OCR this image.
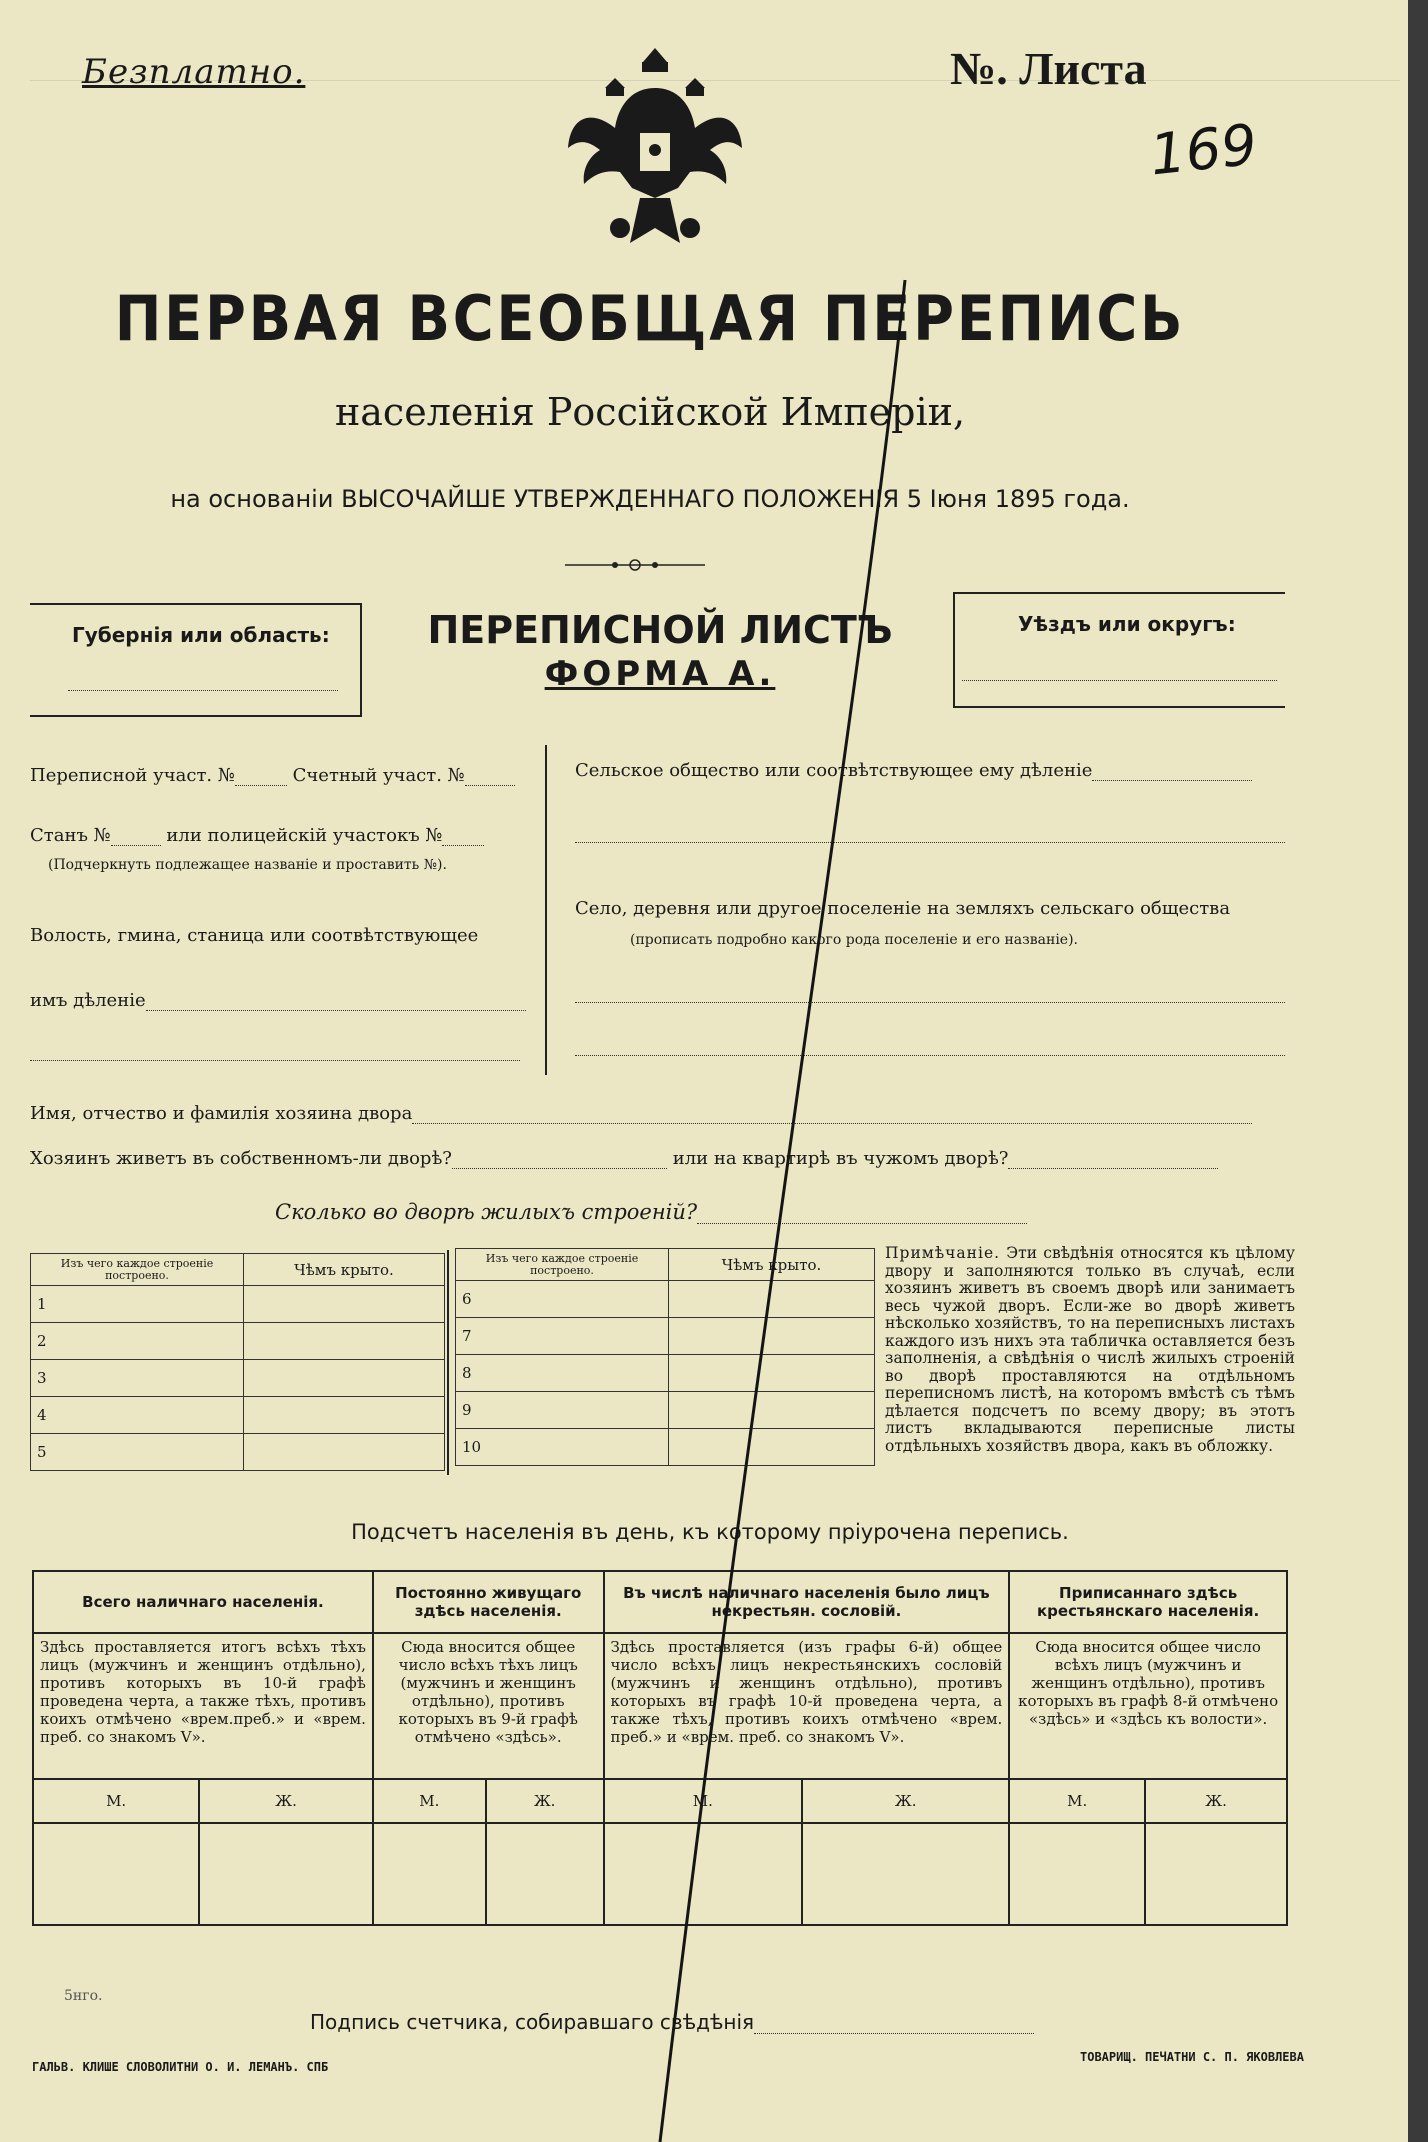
Безплатно.	№. Листа
169
ПЕРВАЯ ВСЕОБЩАЯ ПЕРЕПИСЬ
населенія Россійской Имперіи,
на основаніи ВЫСОЧАЙШЕ УТВЕРЖДЕННАГО ПОЛОЖЕНІЯ 5 Іюня 1895 года.
Губернія или область:	ПЕРЕПИСНОЙ ЛИСТЪ
ФОРМА А.
Уѣздъ или округъ:
Переписной участ. №	Счетный участ. №
Станъ №	или полицейскій участокъ №
(Подчеркнуть подлежащее названіе и проставить №).
Волость, гмина, станица или соотвѣтствующее
имъ дѣленіе
Сельское общество или соотвѣтствующее ему дѣленіе
Село, деревня или другое поселеніе на земляхъ сельскаго общества
(прописать подробно какого рода поселеніе и его названіе).
Имя, отчество и фамилія хозяина двора
Хозяинъ живетъ въ собственномъ-ли дворѣ?	или на квартирѣ въ чужомъ дворѣ?
Сколько во дворѣ жилыхъ строеній?
Изъ чего каждое строеніе построено.	Чѣмъ крыто.
1	
2	
3	
4	
5	
Изъ чего каждое строеніе построено.	Чѣмъ крыто.
6	
7	
8	
9	
10	
Примѣчаніе. Эти свѣдѣнія относятся къ цѣлому двору и заполняются только въ случаѣ, если хозяинъ живетъ въ своемъ дворѣ или занимаетъ весь чужой дворъ. Если-же во дворѣ живетъ нѣсколько хозяйствъ, то на переписныхъ листахъ каждого изъ нихъ эта табличка оставляется безъ заполненія, а свѣдѣнія о числѣ жилыхъ строеній во дворѣ проставляются на отдѣльномъ переписномъ листѣ, на которомъ вмѣстѣ съ тѣмъ дѣлается подсчетъ по всему двору; въ этотъ листъ вкладываются переписные листы отдѣльныхъ хозяйствъ двора, какъ въ обложку.
Подсчетъ населенія въ день, къ которому пріурочена перепись.
Всего наличнаго населенія.		Постоянно живущаго здѣсь населенія.		Въ числѣ наличнаго населенія было лицъ некрестьян. сословій.		Приписаннаго здѣсь крестьянскаго населенія.	
Здѣсь проставляется итогъ всѣхъ тѣхъ лицъ (мужчинъ и женщинъ отдѣльно), противъ которыхъ въ 10-й графѣ проведена черта, а также тѣхъ, противъ коихъ отмѣчено «врем.преб.» и «врем. преб. со знакомъ V».		Сюда вносится общее число всѣхъ тѣхъ лицъ (мужчинъ и женщинъ отдѣльно), противъ которыхъ въ 9-й графѣ отмѣчено «здѣсь».		Здѣсь проставляется (изъ графы 6-й) общее число всѣхъ лицъ некрестьянскихъ сословій (мужчинъ и женщинъ отдѣльно), противъ которыхъ въ графѣ 10-й проведена черта, а также тѣхъ, противъ коихъ отмѣчено «врем. преб.» и «врем. преб. со знакомъ V».		Сюда вносится общее число всѣхъ лицъ (мужчинъ и женщинъ отдѣльно), противъ которыхъ въ графѣ 8-й отмѣчено «здѣсь» и «здѣсь къ волости».	
М.	Ж.	М.	Ж.	М.	Ж.	М.	Ж.

5нго.
Подпись счетчика, собиравшаго свѣдѣнія
ГАЛЬВ. КЛИШЕ СЛОВОЛИТНИ О. И. ЛЕМАНЪ. СПБ
ТОВАРИЩ. ПЕЧАТНИ С. П. ЯКОВЛЕВА
